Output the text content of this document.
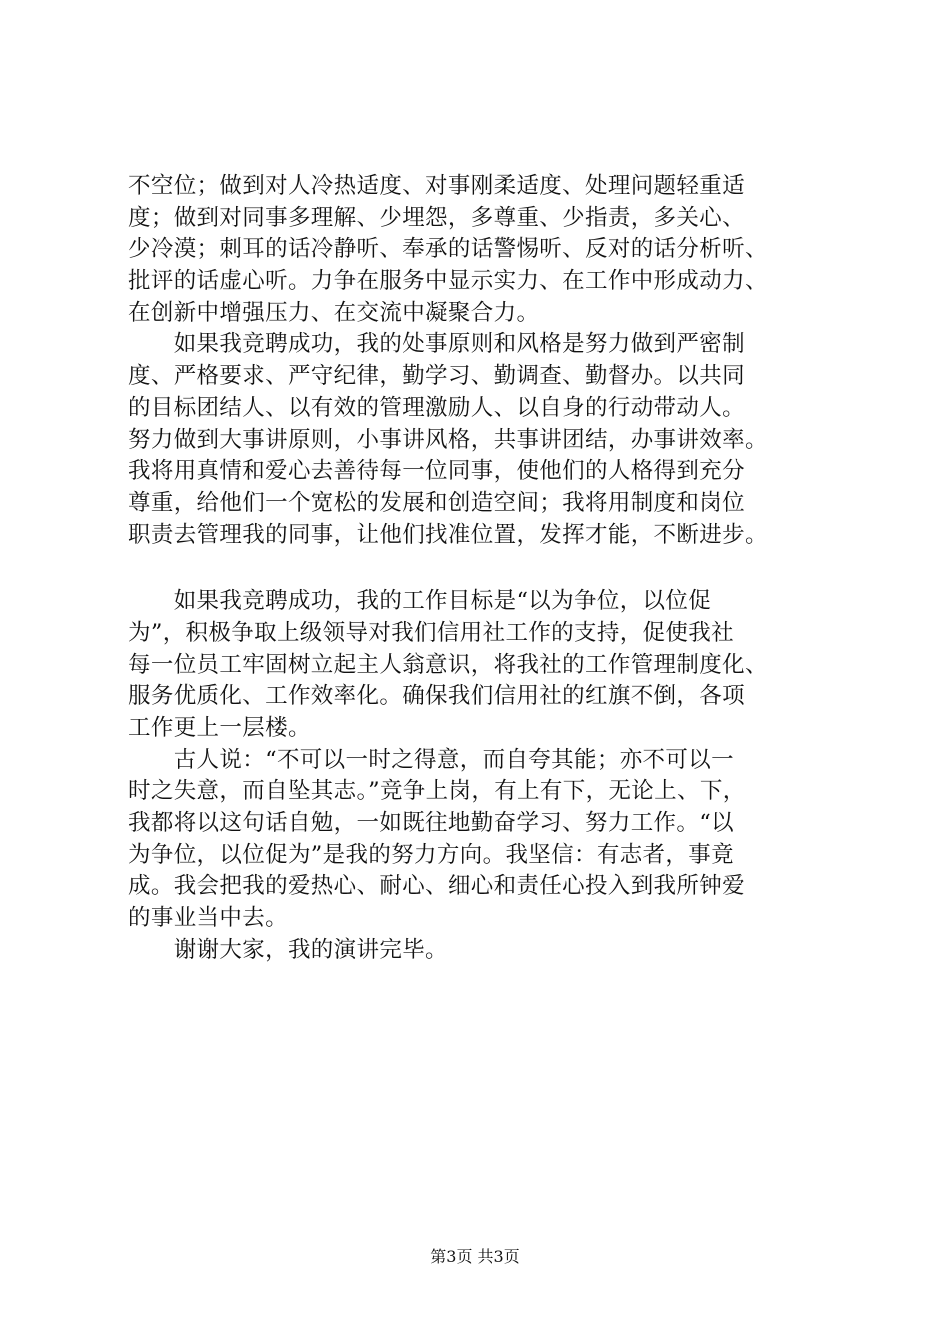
不空位；做到对人冷热适度、对事刚柔适度、处理问题轻重适
度；做到对同事多理解、少埋怨，多尊重、少指责，多关心、
少冷漠；刺耳的话冷静听、奉承的话警惕听、反对的话分析听、
批评的话虚心听。力争在服务中显示实力、在工作中形成动力、
在创新中增强压力、在交流中凝聚合力。
　　如果我竞聘成功，我的处事原则和风格是努力做到严密制
度、严格要求、严守纪律，勤学习、勤调查、勤督办。以共同
的目标团结人、以有效的管理激励人、以自身的行动带动人。
努力做到大事讲原则，小事讲风格，共事讲团结，办事讲效率。
我将用真情和爱心去善待每一位同事，使他们的人格得到充分
尊重，给他们一个宽松的发展和创造空间；我将用制度和岗位
职责去管理我的同事，让他们找准位置，发挥才能，不断进步。
　　如果我竞聘成功，我的工作目标是“以为争位，以位促
为”，积极争取上级领导对我们信用社工作的支持，促使我社
每一位员工牢固树立起主人翁意识，将我社的工作管理制度化、
服务优质化、工作效率化。确保我们信用社的红旗不倒，各项
工作更上一层楼。
　　古人说：“不可以一时之得意，而自夸其能；亦不可以一
时之失意，而自坠其志。”竞争上岗，有上有下，无论上、下，
我都将以这句话自勉，一如既往地勤奋学习、努力工作。“以
为争位，以位促为”是我的努力方向。我坚信：有志者，事竟
成。我会把我的爱热心、耐心、细心和责任心投入到我所钟爱
的事业当中去。
　　谢谢大家，我的演讲完毕。
第3页 共3页
